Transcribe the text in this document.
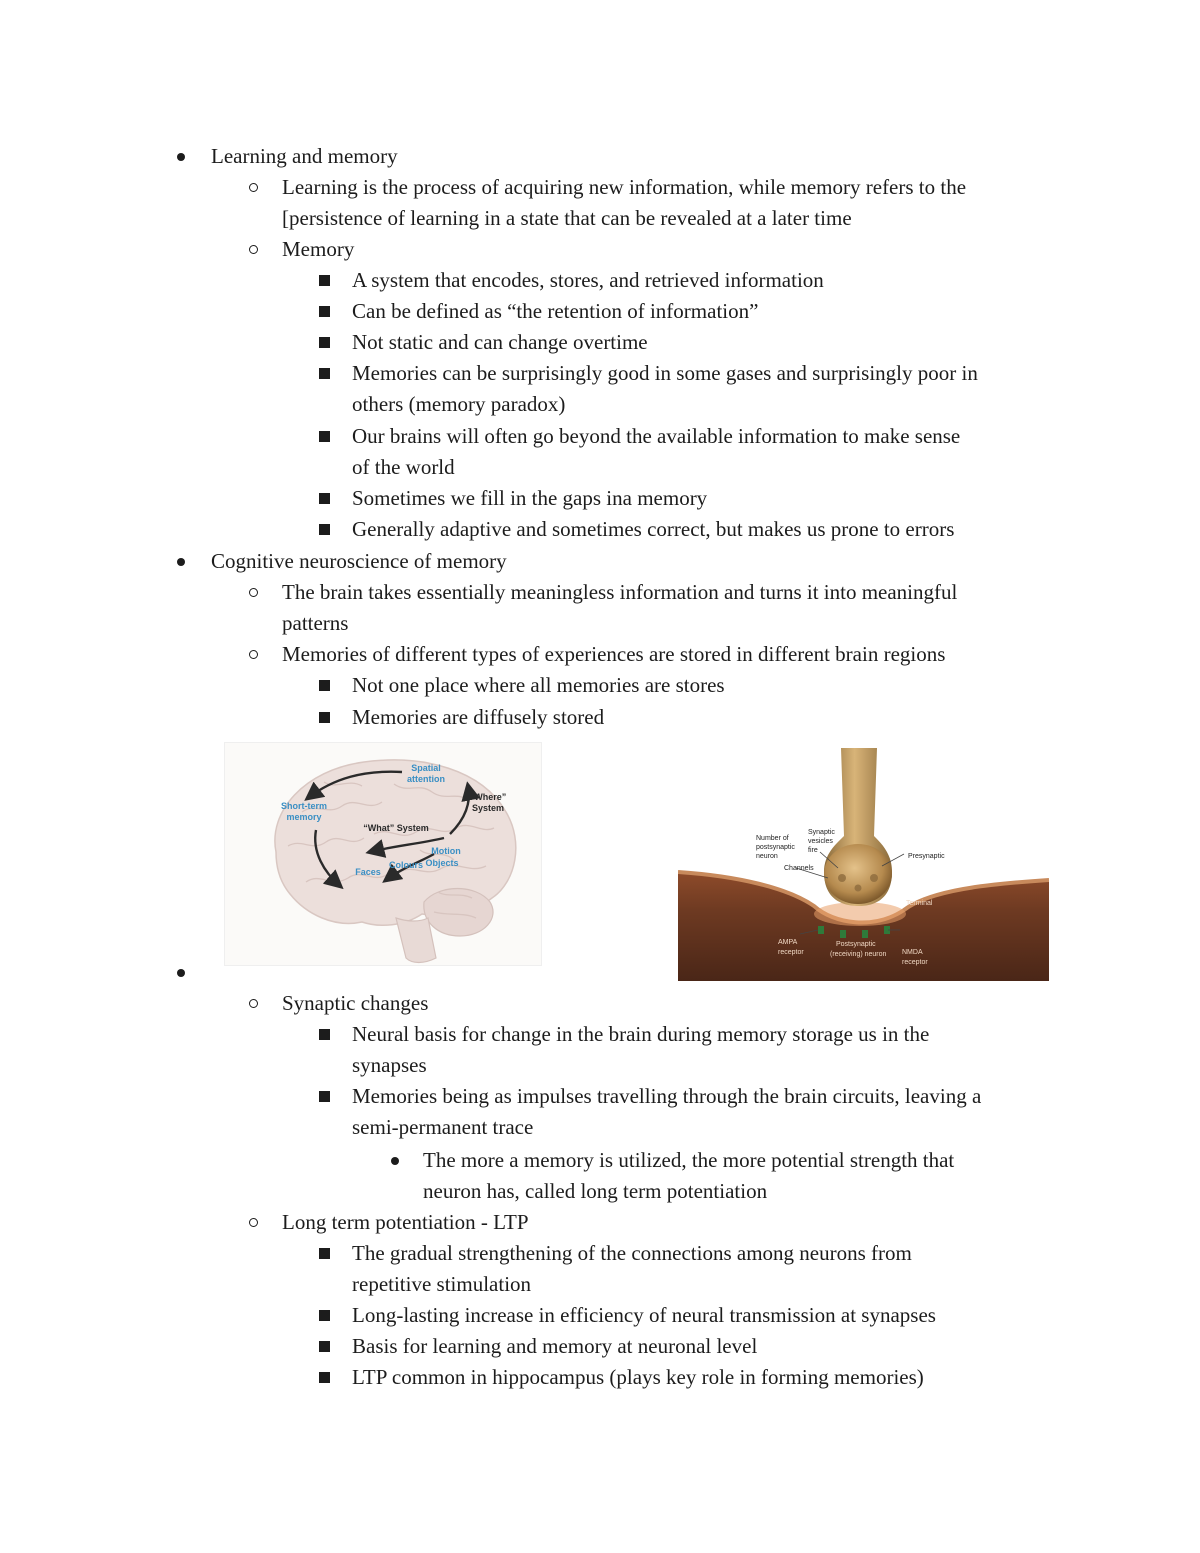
Learning and memory
Learning is the process of acquiring new information, while memory refers to the
[persistence of learning in a state that can be revealed at a later time
Memory
A system that encodes, stores, and retrieved information
Can be defined as “the retention of information”
Not static and can change overtime
Memories can be surprisingly good in some gases and surprisingly poor in
others (memory paradox)
Our brains will often go beyond the available information to make sense
of the world
Sometimes we fill in the gaps ina memory
Generally adaptive and sometimes correct, but makes us prone to errors
Cognitive neuroscience of memory
The brain takes essentially meaningless information and turns it into meaningful
patterns
Memories of different types of experiences are stored in different brain regions
Not one place where all memories are stores
Memories are diffusely stored
Spatial
attention
Short-term
memory
Motion
Objects
Colours
Faces
“Where”
System
“What” System
Number of
postsynaptic
neuron
Synaptic
vesicles
fire
Channels
Presynaptic
Terminal
AMPA
receptor
Postsynaptic
(receiving) neuron NMDA
receptor
Synaptic changes
Neural basis for change in the brain during memory storage us in the
synapses
Memories being as impulses travelling through the brain circuits, leaving a
semi-permanent trace
The more a memory is utilized, the more potential strength that
neuron has, called long term potentiation
Long term potentiation - LTP
The gradual strengthening of the connections among neurons from
repetitive stimulation
Long-lasting increase in efficiency of neural transmission at synapses
Basis for learning and memory at neuronal level
LTP common in hippocampus (plays key role in forming memories)
